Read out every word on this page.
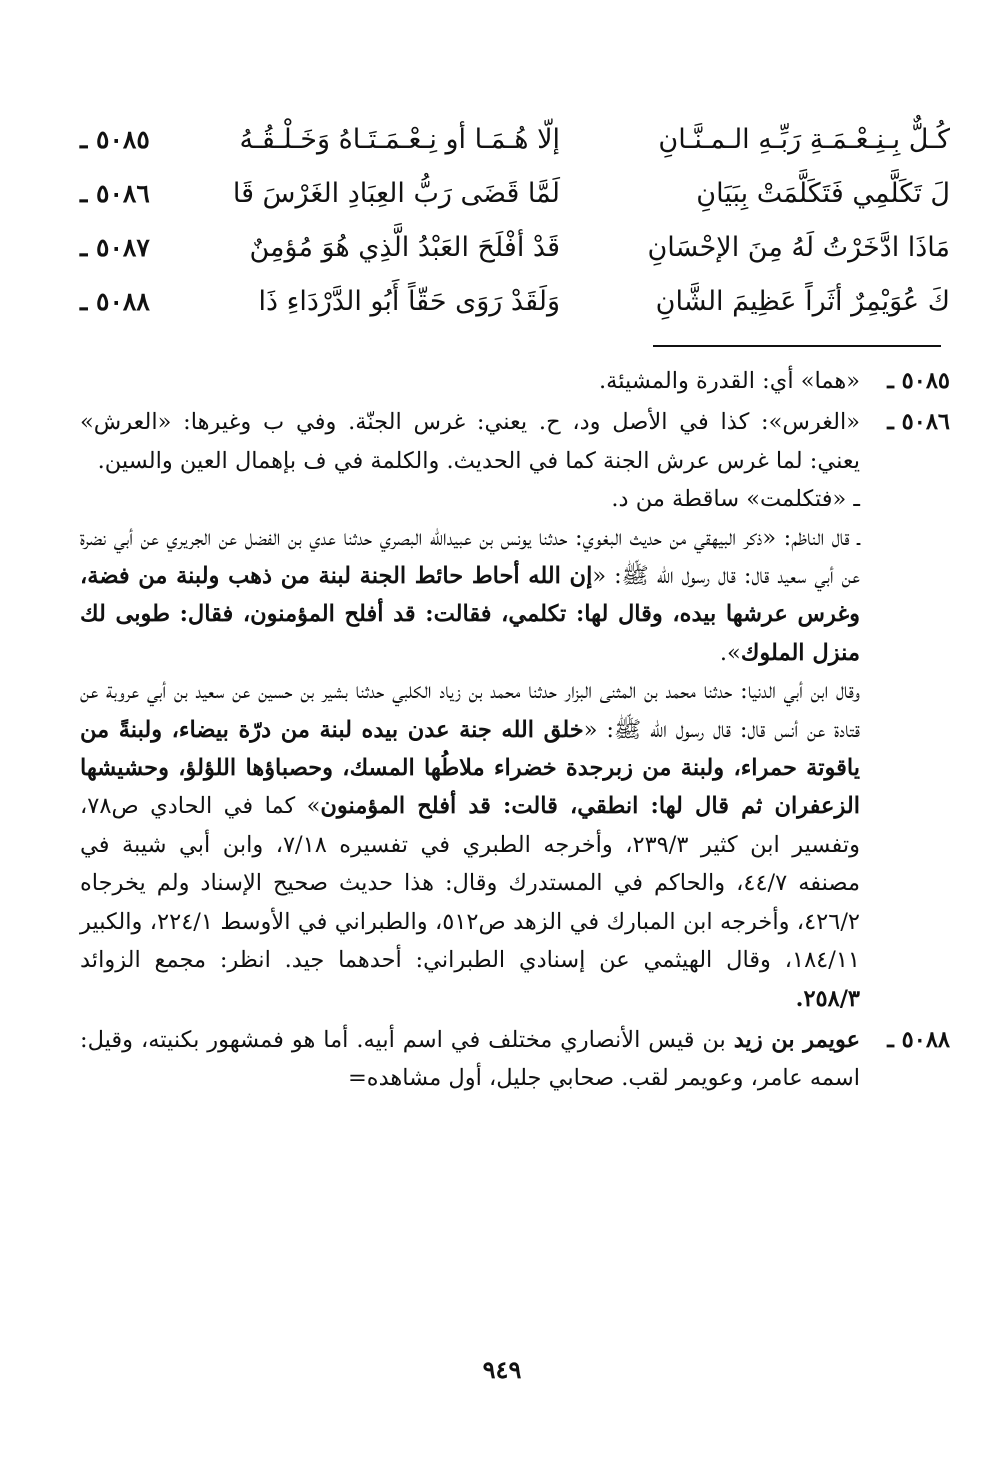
٥٠٨٥ ـ	إلّا هُـمَـا أو نِـعْـمَـتَـاهُ وَخَـلْـقُـهُ	كُـلٌّ بِـنِـعْـمَـةِ رَبِّـهِ الـمـنَّـانِ
٥٠٨٦ ـ	لَمَّا قَضَى رَبُّ العِبَادِ الغَرْسَ قَا	لَ تَكَلَّمِي فَتَكَلَّمَتْ بِبَيَانِ
٥٠٨٧ ـ	قَدْ أفْلَحَ العَبْدُ الَّذِي هُوَ مُؤمِنٌ	مَاذَا ادَّخَرْتُ لَهُ مِنَ الإحْسَانِ
٥٠٨٨ ـ	وَلَقَدْ رَوَى حَقّاً أَبُو الدَّرْدَاءِ ذَا	كَ عُوَيْمِرٌ أثَراً عَظِيمَ الشَّانِ
٥٠٨٥ ـ

«هما» أي: القدرة والمشيئة.

٥٠٨٦ ـ

«الغرس»: كذا في الأصل ود، ح. يعني: غرس الجنّة. وفي ب وغيرها: «العرش» يعني: لما غرس عرش الجنة كما في الحديث. والكلمة في ف بإهمال العين والسين.

ـ «فتكلمت» ساقطة من د.

ـ قال الناظم: «ذكر البيهقي من حديث البغوي: حدثنا يونس بن عبيدالله البصري حدثنا عدي بن الفضل عن الجريري عن أبي نضرة عن أبي سعيد قال: قال رسول الله ﷺ: «إن الله أحاط حائط الجنة لبنة من ذهب ولبنة من فضة، وغرس عرشها بيده، وقال لها: تكلمي، فقالت: قد أفلح المؤمنون، فقال: طوبى لك منزل الملوك».

وقال ابن أبي الدنيا: حدثنا محمد بن المثنى البزار حدثنا محمد بن زياد الكلبي حدثنا بشير بن حسين عن سعيد بن أبي عروبة عن قتادة عن أنس قال: قال رسول الله ﷺ: «خلق الله جنة عدن بيده لبنة من درّة بيضاء، ولبنةً من ياقوتة حمراء، ولبنة من زبرجدة خضراء ملاطُها المسك، وحصباؤها اللؤلؤ، وحشيشها الزعفران ثم قال لها: انطقي، قالت: قد أفلح المؤمنون» كما في الحادي ص٧٨، وتفسير ابن كثير ٢٣٩/٣، وأخرجه الطبري في تفسيره ٧/١٨، وابن أبي شيبة في مصنفه ٤٤/٧، والحاكم في المستدرك وقال: هذا حديث صحيح الإسناد ولم يخرجاه ٤٢٦/٢، وأخرجه ابن المبارك في الزهد ص٥١٢، والطبراني في الأوسط ٢٢٤/١، والكبير ١٨٤/١١، وقال الهيثمي عن إسنادي الطبراني: أحدهما جيد. انظر: مجمع الزوائد ٢٥٨/٣.

٥٠٨٨ ـ

عويمر بن زيد بن قيس الأنصاري مختلف في اسم أبيه. أما هو فمشهور بكنيته، وقيل: اسمه عامر، وعويمر لقب. صحابي جليل، أول مشاهده=

٩٤٩
